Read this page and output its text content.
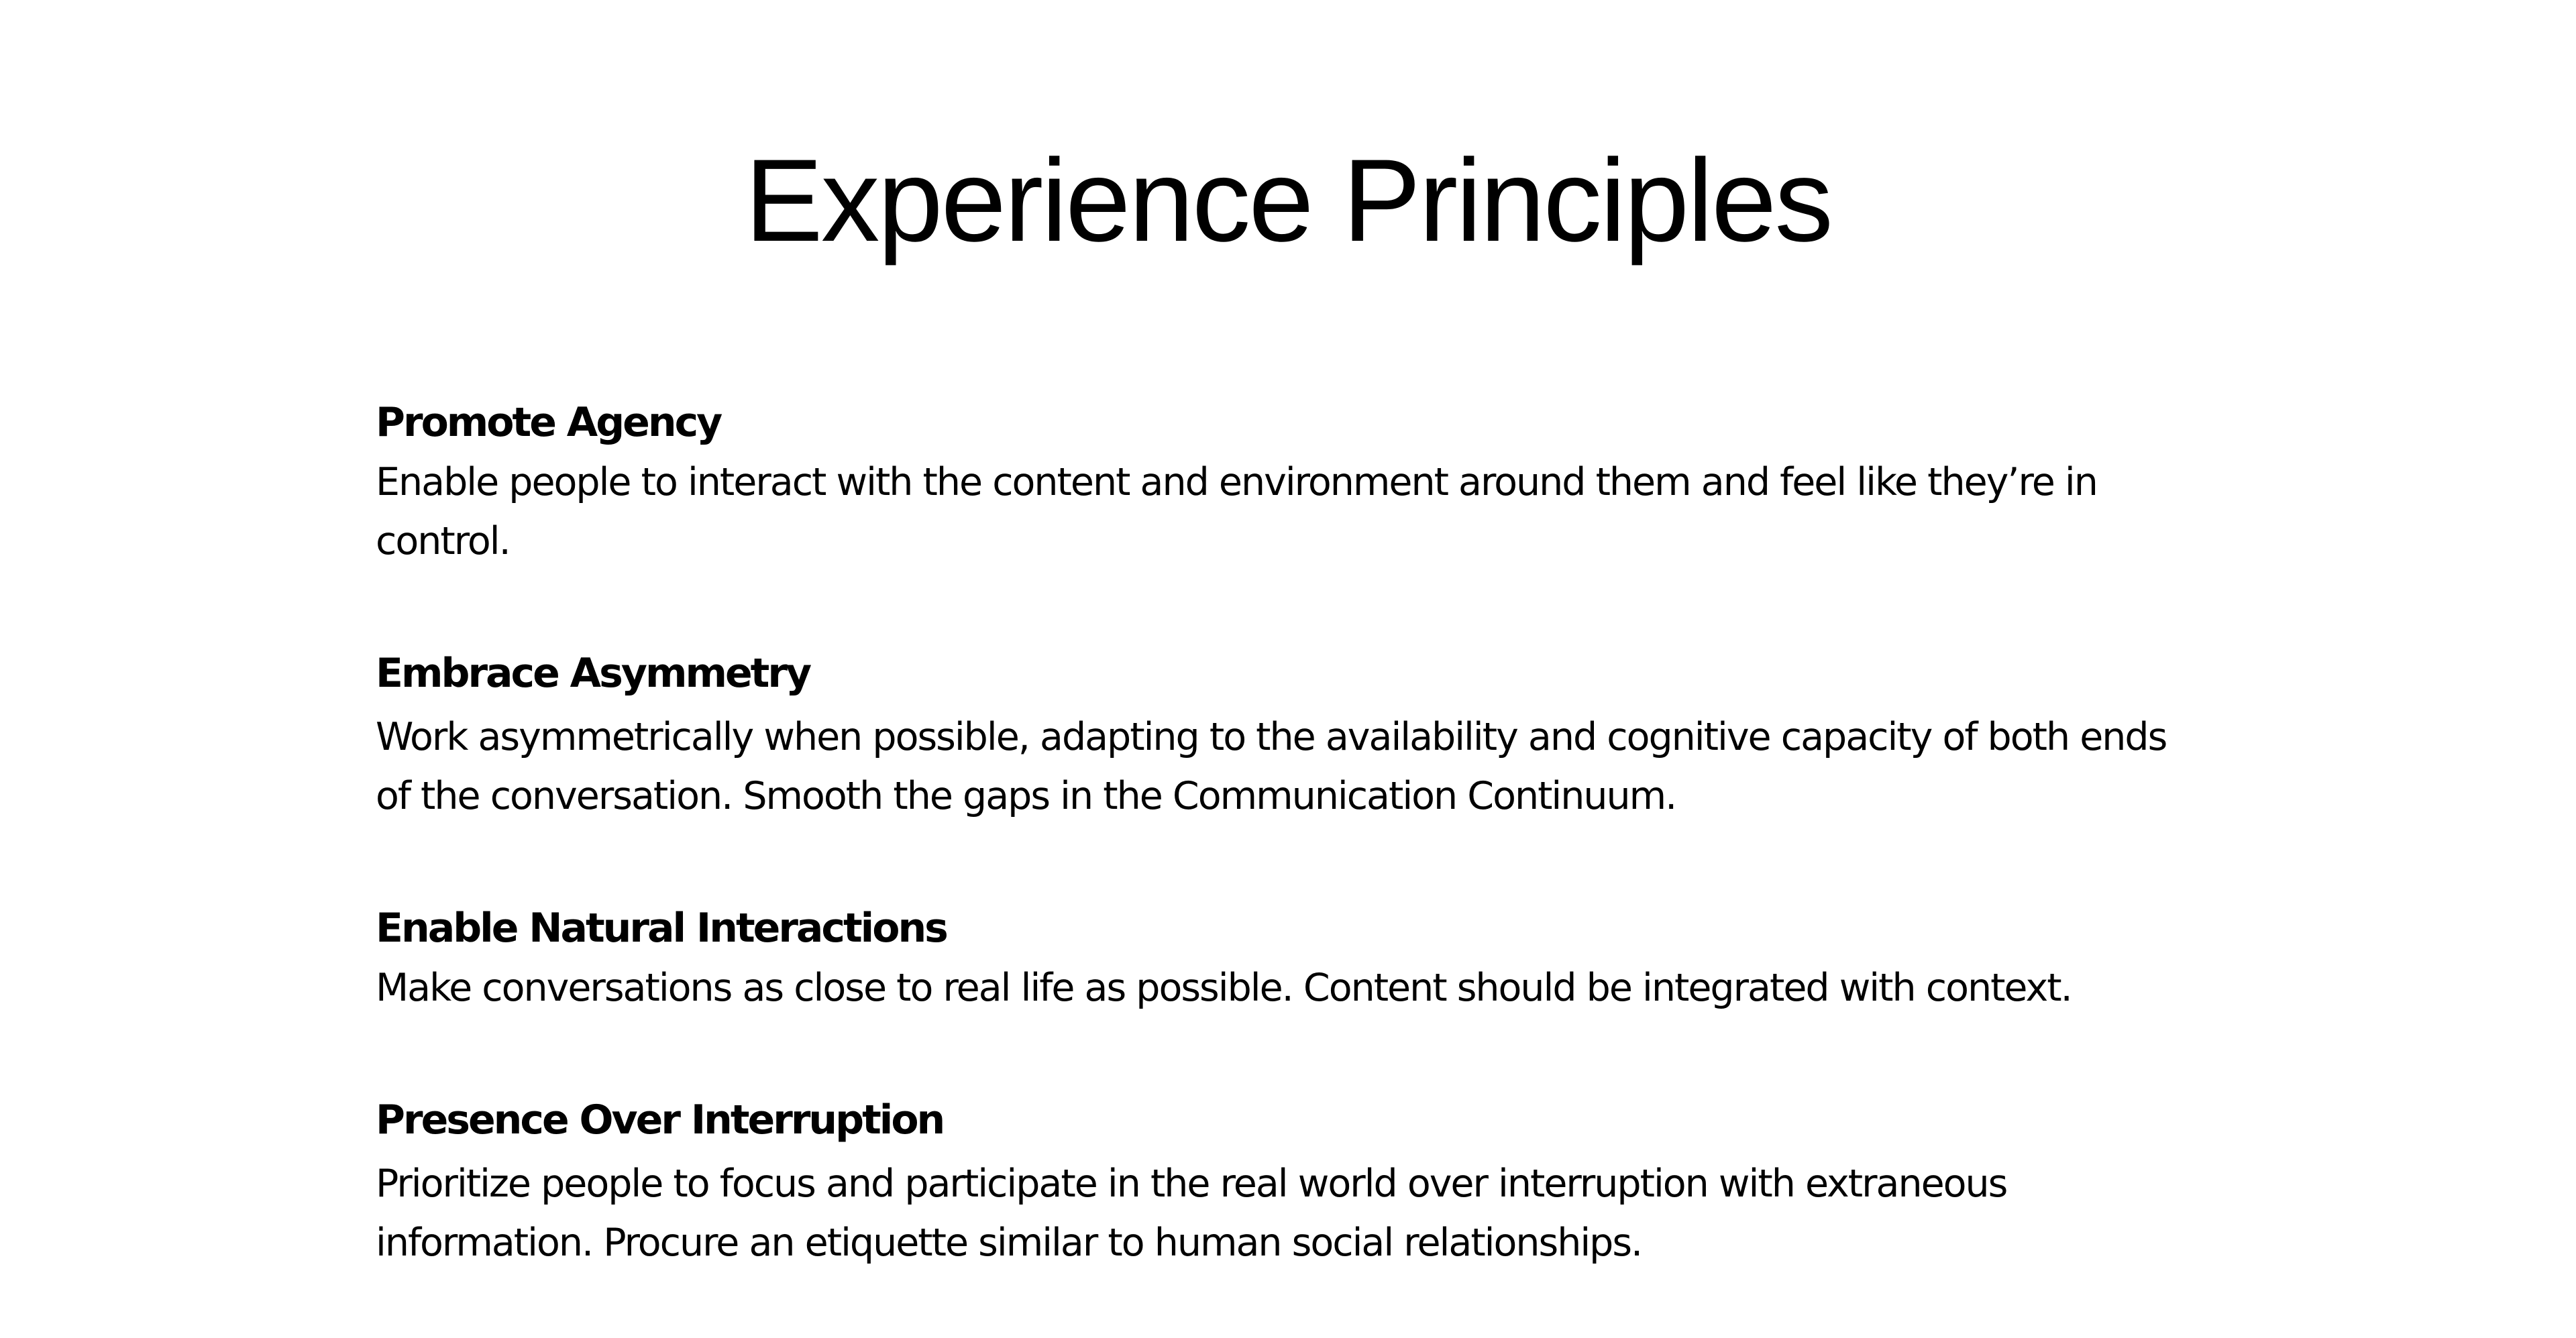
Experience Principles
Promote Agency
Enable people to interact with the content and environment around them and feel like they’re in control.
Embrace Asymmetry
Work asymmetrically when possible, adapting to the availability and cognitive capacity of both ends of the conversation. Smooth the gaps in the Communication Continuum.
Enable Natural Interactions
Make conversations as close to real life as possible. Content should be integrated with context.
Presence Over Interruption
Prioritize people to focus and participate in the real world over interruption with extraneous information. Procure an etiquette similar to human social relationships.
